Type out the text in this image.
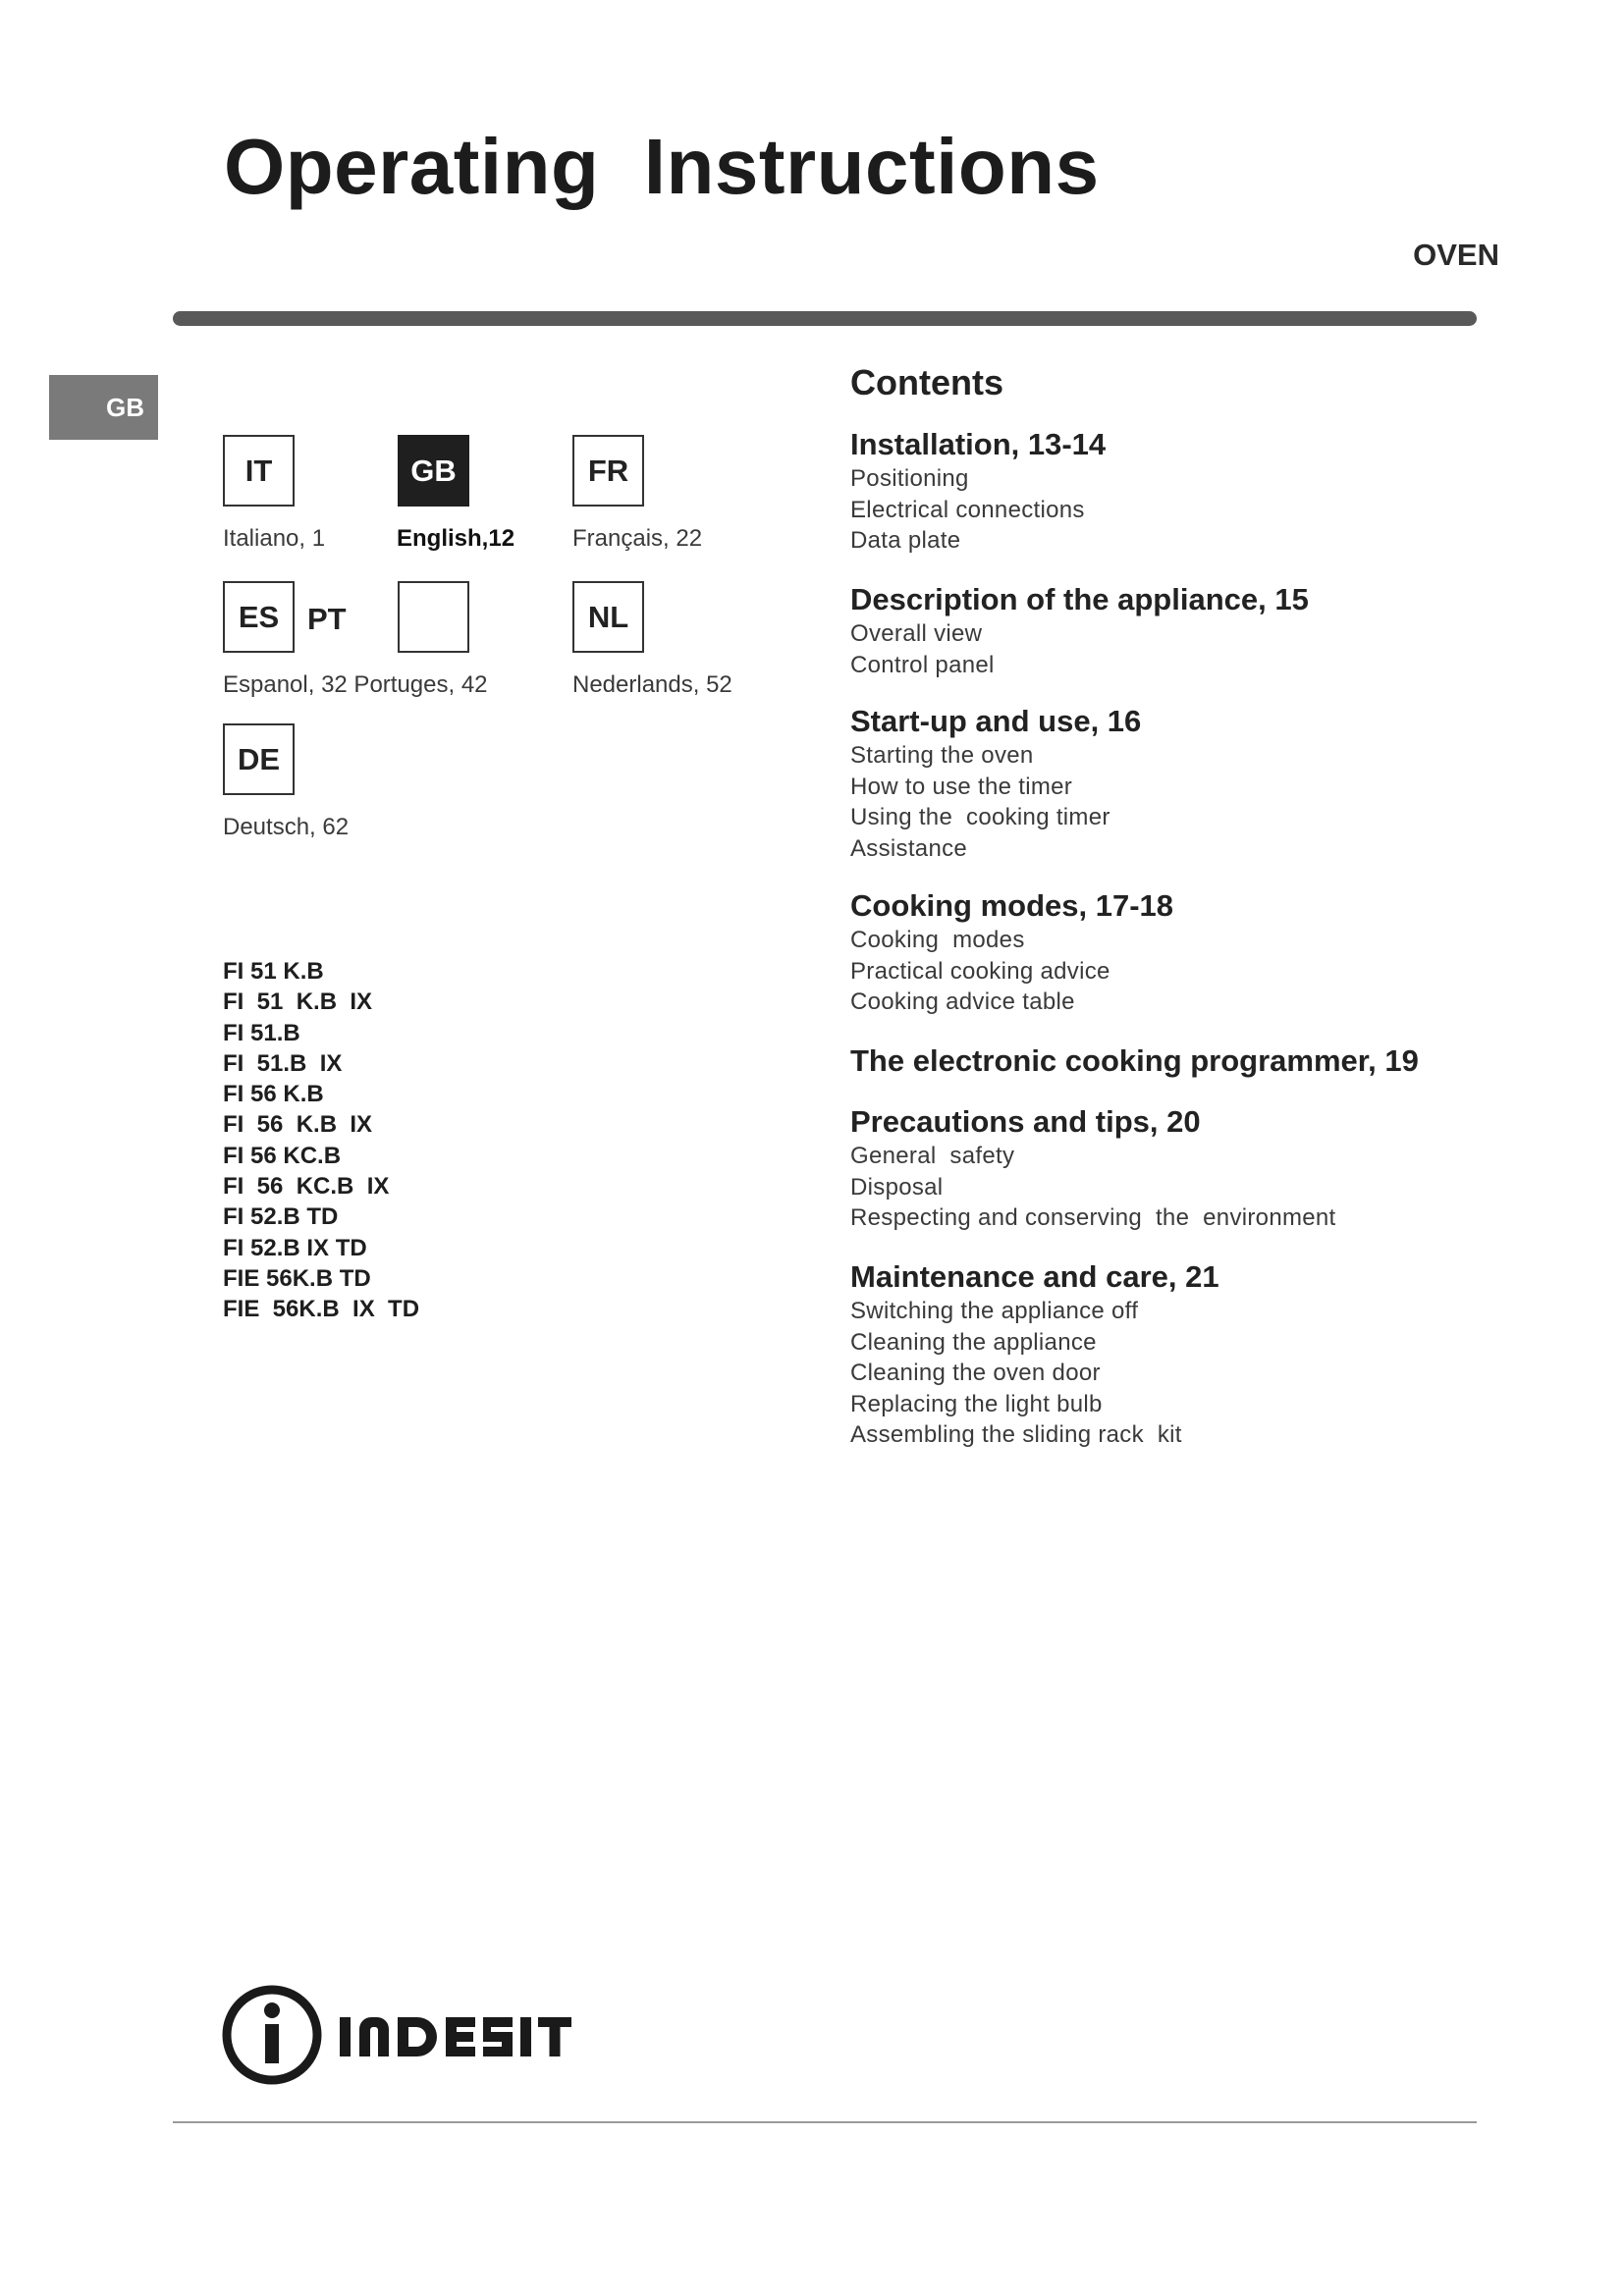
Operating  Instructions
OVEN
GB
IT
Italiano, 1
GB
English,12
FR
Français, 22
ES PT
Espanol, 32 Portuges, 42
NL
Nederlands, 52
DE
Deutsch, 62
FI 51 K.B
FI  51  K.B  IX
FI 51.B
FI  51.B  IX
FI 56 K.B
FI  56  K.B  IX
FI 56 KC.B
FI  56  KC.B  IX
FI 52.B TD
FI 52.B IX TD
FIE 56K.B TD
FIE  56K.B  IX  TD
Contents
Installation, 13-14
Positioning
Electrical connections
Data plate
Description of the appliance, 15
Overall view
Control panel
Start-up and use, 16
Starting the oven
How to use the timer
Using the  cooking timer
Assistance
Cooking modes, 17-18
Cooking  modes
Practical cooking advice
Cooking advice table
The electronic cooking programmer, 19
Precautions and tips, 20
General  safety
Disposal
Respecting and conserving  the  environment
Maintenance and care, 21
Switching the appliance off
Cleaning the appliance
Cleaning the oven door
Replacing the light bulb
Assembling the sliding rack  kit
